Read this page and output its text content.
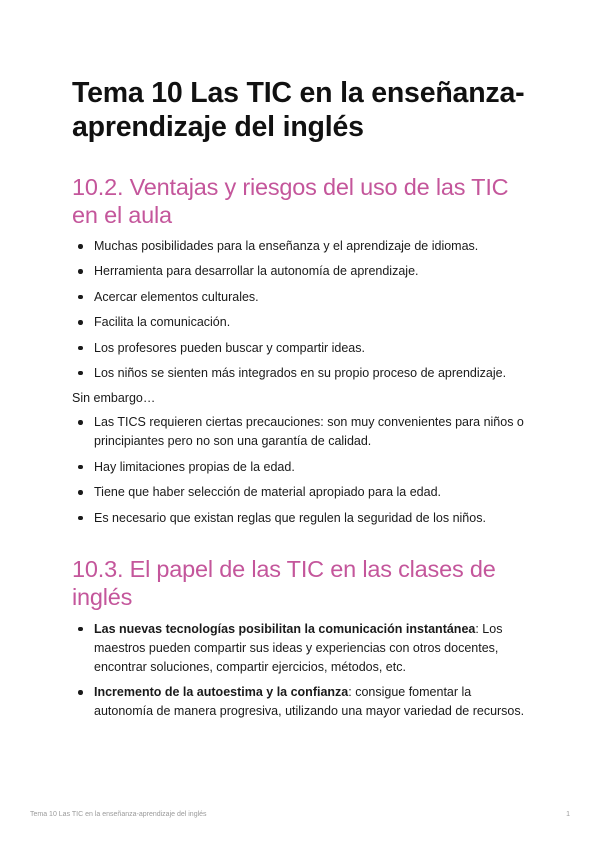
Tema 10 Las TIC en la enseñanza-aprendizaje del inglés
10.2. Ventajas y riesgos del uso de las TIC en el aula
Muchas posibilidades para la enseñanza y el aprendizaje de idiomas.
Herramienta para desarrollar la autonomía de aprendizaje.
Acercar elementos culturales.
Facilita la comunicación.
Los profesores pueden buscar y compartir ideas.
Los niños se sienten más integrados en su propio proceso de aprendizaje.

Sin embargo…

Las TICS requieren ciertas precauciones: son muy convenientes para niños o principiantes pero no son una garantía de calidad.
Hay limitaciones propias de la edad.
Tiene que haber selección de material apropiado para la edad.
Es necesario que existan reglas que regulen la seguridad de los niños.
10.3. El papel de las TIC en las clases de inglés
Las nuevas tecnologías posibilitan la comunicación instantánea: Los maestros pueden compartir sus ideas y experiencias con otros docentes, encontrar soluciones, compartir ejercicios, métodos, etc.
Incremento de la autoestima y la confianza: consigue fomentar la autonomía de manera progresiva, utilizando una mayor variedad de recursos.
Tema 10 Las TIC en la enseñanza-aprendizaje del inglés	1
